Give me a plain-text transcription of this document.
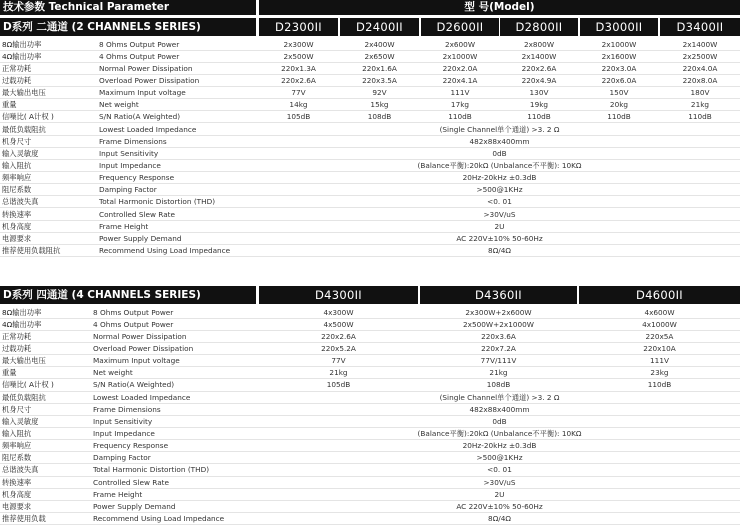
技术参数 Technical Parameter	型 号(Model)
D系列 二通道 (2 CHANNELS SERIES)	D2300II	D2400II	D2600II	D2800II	D3000II	D3400II
8Ω输出功率	8 Ohms Output Power	2x300W	2x400W	2x600W	2x800W	2x1000W	2x1400W
4Ω输出功率	4 Ohms Output Power	2x500W	2x650W	2x1000W	2x1400W	2x1600W	2x2500W
正常功耗	Normal Power Dissipation	220x1.3A	220x1.6A	220x2.0A	220x2.6A	220x3.0A	220x4.0A
过载功耗	Overload Power Dissipation	220x2.6A	220x3.5A	220x4.1A	220x4.9A	220x6.0A	220x8.0A
最大输出电压	Maximum Input voltage	77V	92V	111V	130V	150V	180V
重量	Net weight	14kg	15kg	17kg	19kg	20kg	21kg
信噪比( A计权 )	S/N Ratio(A Weighted)	105dB	108dB	110dB	110dB	110dB	110dB
最低负载阻抗	Lowest Loaded Impedance	(Single Channel单个通道) >3. 2 Ω
机身尺寸	Frame Dimensions	482x88x400mm
输入灵敏度	Input Sensitivity	0dB
输入阻抗	Input Impedance	(Balance平衡):20kΩ (Unbalance不平衡): 10KΩ
频率响应	Frequency Response	20Hz-20kHz ±0.3dB
阻尼系数	Damping Factor	>500@1KHz
总谐波失真	Total Harmonic Distortion (THD)	<0. 01
转换速率	Controlled Slew Rate	>30V/uS
机身高度	Frame Height	2U
电源要求	Power Supply Demand	AC 220V±10% 50-60Hz
推荐使用负载阻抗	Recommend Using Load Impedance	8Ω/4Ω
D系列 四通道 (4 CHANNELS SERIES)	D4300II	D4360II	D4600II
8Ω输出功率	8 Ohms Output Power	4x300W	2x300W+2x600W	4x600W
4Ω输出功率	4 Ohms Output Power	4x500W	2x500W+2x1000W	4x1000W
正常功耗	Normal Power Dissipation	220x2.6A	220x3.6A	220x5A
过载功耗	Overload Power Dissipation	220x5.2A	220x7.2A	220x10A
最大输出电压	Maximum Input voltage	77V	77V/111V	111V
重量	Net weight	21kg	21kg	23kg
信噪比( A计权 )	S/N Ratio(A Weighted)	105dB	108dB	110dB
最低负载阻抗	Lowest Loaded Impedance	(Single Channel单个通道) >3. 2 Ω
机身尺寸	Frame Dimensions	482x88x400mm
输入灵敏度	Input Sensitivity	0dB
输入阻抗	Input Impedance	(Balance平衡):20kΩ (Unbalance不平衡): 10KΩ
频率响应	Frequency Response	20Hz-20kHz ±0.3dB
阻尼系数	Damping Factor	>500@1KHz
总谐波失真	Total Harmonic Distortion (THD)	<0. 01
转换速率	Controlled Slew Rate	>30V/uS
机身高度	Frame Height	2U
电源要求	Power Supply Demand	AC 220V±10% 50-60Hz
推荐使用负载	Recommend Using Load Impedance	8Ω/4Ω
